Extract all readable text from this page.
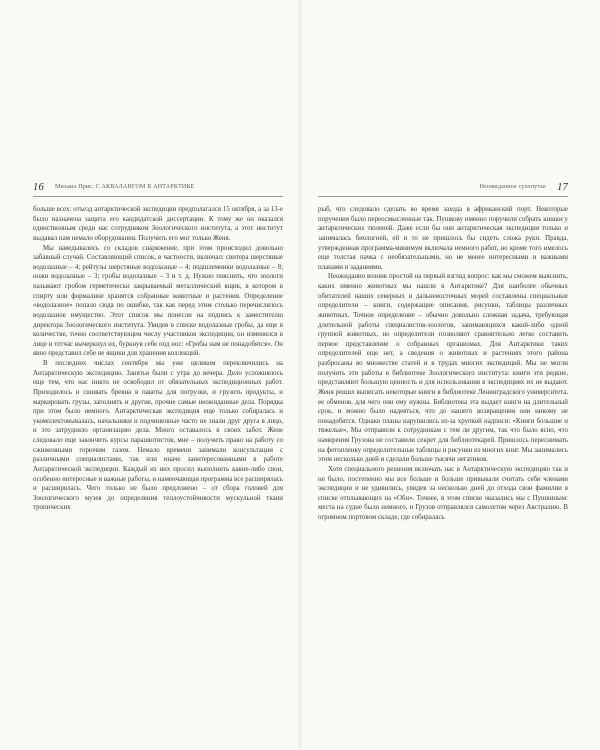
16 Михаил Прис. С АКВАЛАНГОМ В АНТАРКТИКЕ

больше всех: отъезд антарктической экспедиции предполагался 15 октября, а за 13-е было назначена защита его кандидатской диссертации. К тому же он оказался единственным среди нас сотрудником Зоологического института, а этот институт выдавал нам немало оборудования. Получить его мог только Женя.

Мы наведывались со складов снаряжение, при этом происходил довольно забавный случай. Составляющий список, в частности, включал: свитера шерстяные водолазные – 4; рейтузы шерстяные водолазные – 4; подшлемники водолазные – 8; ножи водолазные – 3; гробы водолазные – 3 и т. д. Нужно пояснить, что зоологи называют гробом герметически закрываемый металлический ящик, в котором в спирту или формалине хранятся собранные животные и растения. Определение «водолазное» попало сюда по ошибке, так как перед этим столько перечислялось водолазное имущество. Этот список мы понесли на подпись к заместителю директора Зоологического института. Увидев в списке водолазные гробы, да еще в количестве, точно соответствующем числу участников экспедиции, он изменился в лице и тотчас вычеркнул их, буркнув себе под нос: «Гробы нам не понадобятся». Он явно представил себе не ящики для хранения коллекций.

В последних числах сентября мы уже целиком переключились на Антарктическую экспедицию. Занятья были с утра до вечера. Дело усложнялось еще тем, что нас никто не освободил от обязательных экспедиционных работ. Приходилось и сшивать бревна в пакеты для погрузки, и грузить продукты, и маркировать грузы, заполнять и другие, прочие самые неожиданные дела. Порядка при этом было немного. Антарктическая экспедиция еще только собиралась и укомплектовывалась, начальники и подчиненные часто не знали друг друга в лицо, и это затрудняло организацию дела. Много оставалось в своих забот. Жене следовало еще закончить курсы парашютистов, мне – получить право на работу со сжиженными горючим газом. Немало времени занимали консультации с различными специалистами, так или иначе заинтересованными в работе Антарктической экспедиции. Каждый из них просил выполнить какие-либо свои, особенно интересные и важные работы, и наменчающая программа все расширялась и расширялась. Чего только не было предложено – от сбора головей для Зоологического музея до определения теплоустойчивости мускульной ткани тропических

Неожиданное сухопутье 17

рыб, что следовало сделать во время захода в африканский порт. Некоторые поручения было переосмысленные так. Пушкову именно поручили собрать кишки у антарктических тюленей. Даже если бы они антарктическая экспедиция только и занималась биологией, ей и то не пришлось бы сидеть сложа руки. Правда, утвержденная программа-минимум включала немного работ, но кроме того имелось еще толстая пачка с необязательными, но не менее интересными и важными планами и заданиями.

Неожиданно возник простой на первый взгляд вопрос: как мы сможем выяснить, каких именно животных мы нашли в Антарктике? Для наиболее обычных обитателей наших северных и дальневосточных морей составлены специальные определители – книги, содержащие описания, рисунки, таблицы различных животных. Точное определение – обычно довольно сложная задача, требующая длительной работы специалистов-зоологов, занимающихся какой-либо одной группой животных, но определители позволяют сравнительно легко составить первое представление о собранных организмах. Для Антарктики таких определителей еще нет, а сведения о животных и растениях этого района разбросаны во множестве статей и в трудах многих экспедиций. Мы не могли получить эти работы в библиотеке Зоологического института: книги эти редкие, представляют большую ценность и для использования в экспедициях их не выдают. Женя решил выписать некоторые книги в библиотеке Ленинградского университета, ее обменов, для чего они ему нужны. Библиотека эта выдает книги на длительный срок, и можно было надеяться, что до нашего возвращения они никому не понадобятся. Однако планы нарушились из-за хрупкой надписи: «Книги большие и тяжелые», Мы отправили к сотрудникам с тем ли другим, так что было ясно, что намерения Грузова не составили секрет для библиотекарей. Пришлось переснимать на фотопленку определительные таблицы и рисунки из многих книг. Мы занимались этим несколько дней и сделали больше тысячи негативов.

Хотя специального решения включать нас в Антарктическую экспедицию так и не было, постепенно мы все больше и больше привыкали считать себя членами экспедиции и не удивились, увидев за несколько дней до отхода свои фамилии в списке отплывающих на «Оби». Точнее, в этом списке оказались мы с Пушкиным: места на судне было немного, и Грузов отправлялся самолетом через Австралию. В огромном портовом складе, где собиралась
